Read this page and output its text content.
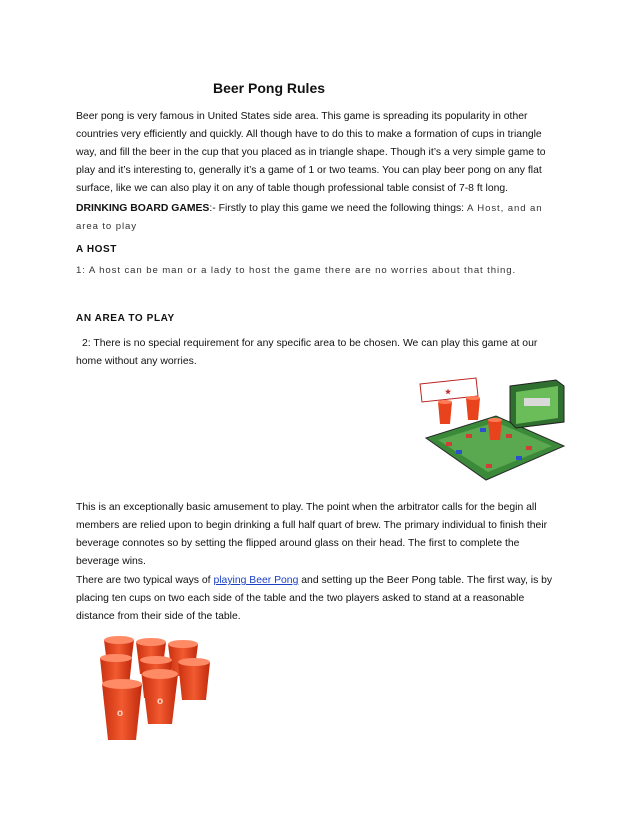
Beer Pong Rules

Beer pong is very famous in United States side area. This game is spreading its popularity in other countries very efficiently and quickly. All though have to do this to make a formation of cups in triangle way, and fill the beer in the cup that you placed as in triangle shape. Though it’s a very simple game to play and it’s interesting to, generally it’s a game of 1 or two teams. You can play beer pong on any flat surface, like we can also play it on any of table though professional table consist of 7-8 ft long.

DRINKING BOARD GAMES:- Firstly to play this game we need the following things: A Host, and an area to play

A HOST

1: A host can be man or a lady to host the game there are no worries about that thing.

AN AREA TO PLAY

2: There is no special requirement for any specific area to be chosen. We can play this game at our home without any worries.

★

This is an exceptionally basic amusement to play. The point when the arbitrator calls for the begin all members are relied upon to begin drinking a full half quart of brew. The primary individual to finish their beverage connotes so by setting the flipped around glass on their head. The first to complete the beverage wins.

There are two typical ways of playing Beer Pong and setting up the Beer Pong table. The first way, is by placing ten cups on two each side of the table and the two players asked to stand at a reasonable distance from their side of the table.

o
o
